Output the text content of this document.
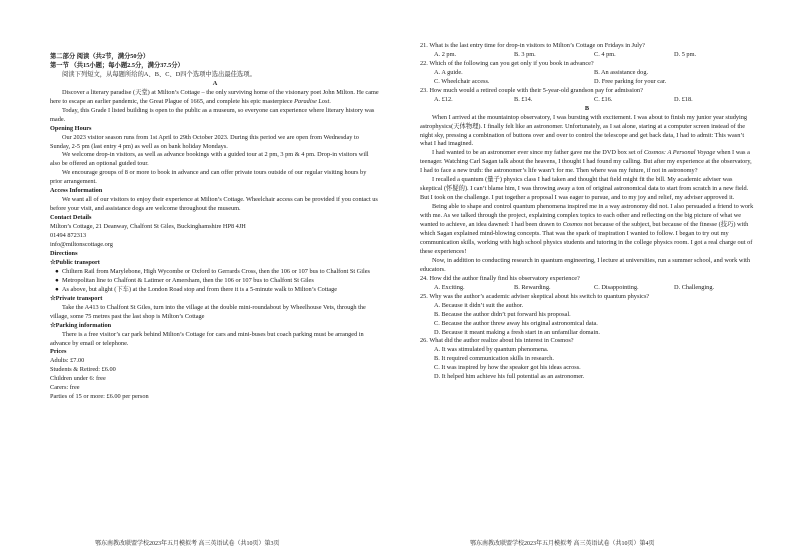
第二部分 阅读（共2节，满分50分）

第一节 （共15小题；每小题2.5分，满分37.5分）

阅读下列短文，从每题所给的A、B、C、D四个选项中选出最佳选项。

A

Discover a literary paradise (天堂) at Milton’s Cottage – the only surviving home of the visionary poet John Milton. He came here to escape an earlier pandemic, the Great Plague of 1665, and complete his epic masterpiece Paradise Lost.

Today, this Grade I listed building is open to the public as a museum, so everyone can experience where literary history was made.

Opening Hours

Our 2023 visitor season runs from 1st April to 29th October 2023. During this period we are open from Wednesday to Sunday, 2-5 pm (last entry 4 pm) as well as on bank holiday Mondays.

We welcome drop-in visitors, as well as advance bookings with a guided tour at 2 pm, 3 pm & 4 pm. Drop-in visitors will also be offered an optional guided tour.

We encourage groups of 8 or more to book in advance and can offer private tours outside of our regular visiting hours by prior arrangement.

Access Information

We want all of our visitors to enjoy their experience at Milton’s Cottage. Wheelchair access can be provided if you contact us before your visit, and assistance dogs are welcome throughout the museum.

Contact Details

Milton’s Cottage, 21 Deanway, Chalfont St Giles, Buckinghamshire HP8 4JH

01494 872313

info@miltonscottage.org

Directions

☆Public transport

● Chiltern Rail from Marylebone, High Wycombe or Oxford to Gerrards Cross, then the 106 or 107 bus to Chalfont St Giles

● Metropolitan line to Chalfont & Latimer or Amersham, then the 106 or 107 bus to Chalfont St Giles

● As above, but alight (下车) at the London Road stop and from there it is a 5-minute walk to Milton’s Cottage

☆Private transport

Take the A413 to Chalfont St Giles, turn into the village at the double mini-roundabout by Wheelhouse Vets, through the village, some 75 metres past the last shop is Milton’s Cottage

☆Parking information

There is a free visitor’s car park behind Milton’s Cottage for cars and mini-buses but coach parking must be arranged in advance by email or telephone.

Prices

Adults: £7.00

Students & Retired: £6.00

Children under 6: free

Carers: free

Parties of 15 or more: £6.00 per person

21. What is the last entry time for drop-in visitors to Milton’s Cottage on Fridays in July?

A. 2 pm.	B. 3 pm.	C. 4 pm.	D. 5 pm.

22. Which of the following can you get only if you book in advance?

A. A guide.	B. An assistance dog.
C. Wheelchair access.	D. Free parking for your car.

23. How much would a retired couple with their 5-year-old grandson pay for admission?

A. £12.	B. £14.	C. £16.	D. £18.

B

When I arrived at the mountaintop observatory, I was bursting with excitement. I was about to finish my junior year studying astrophysics(天体物理). I finally felt like an astronomer. Unfortunately, as I sat alone, staring at a computer screen instead of the night sky, pressing a combination of buttons over and over to control the telescope and get back data, I had to admit: This wasn’t what I had imagined.

I had wanted to be an astronomer ever since my father gave me the DVD box set of Cosmos: A Personal Voyage when I was a teenager. Watching Carl Sagan talk about the heavens, I thought I had found my calling. But after my experience at the observatory, I had to face a new truth: the astronomer’s life wasn’t for me. Then where was my future, if not in astronomy?

I recalled a quantum (量子) physics class I had taken and thought that field might fit the bill. My academic adviser was skeptical (怀疑的). I can’t blame him, I was throwing away a ton of original astronomical data to start from scratch in a new field. But I took on the challenge. I put together a proposal I was eager to pursue, and to my joy and relief, my adviser approved it.

Being able to shape and control quantum phenomena inspired me in a way astronomy did not. I also persuaded a friend to work with me. As we talked through the project, explaining complex topics to each other and reflecting on the big picture of what we wanted to achieve, an idea dawned: I had been drawn to Cosmos not because of the subject, but because of the finesse (技巧) with which Sagan explained mind-blowing concepts. That was the spark of inspiration I wanted to follow. I began to try out my communication skills, working with high school physics students and tutoring in the college physics room. I got a real charge out of these experiences!

Now, in addition to conducting research in quantum engineering, I lecture at universities, run a summer school, and work with educators.

24. How did the author finally find his observatory experience?

A. Exciting.	B. Rewarding.	C. Disappointing.	D. Challenging.

25. Why was the author’s academic adviser skeptical about his switch to quantum physics?

A. Because it didn’t suit the author.

B. Because the author didn’t put forward his proposal.

C. Because the author threw away his original astronomical data.

D. Because it meant making a fresh start in an unfamiliar domain.

26. What did the author realize about his interest in Cosmos?

A. It was stimulated by quantum phenomena.

B. It required communication skills in research.

C. It was inspired by how the speaker got his ideas across.

D. It helped him achieve his full potential as an astronomer.

鄂东南教改联盟学校2023年五月模拟考 高三英语试卷（共10页）第3页	鄂东南教改联盟学校2023年五月模拟考 高三英语试卷（共10页）第4页
